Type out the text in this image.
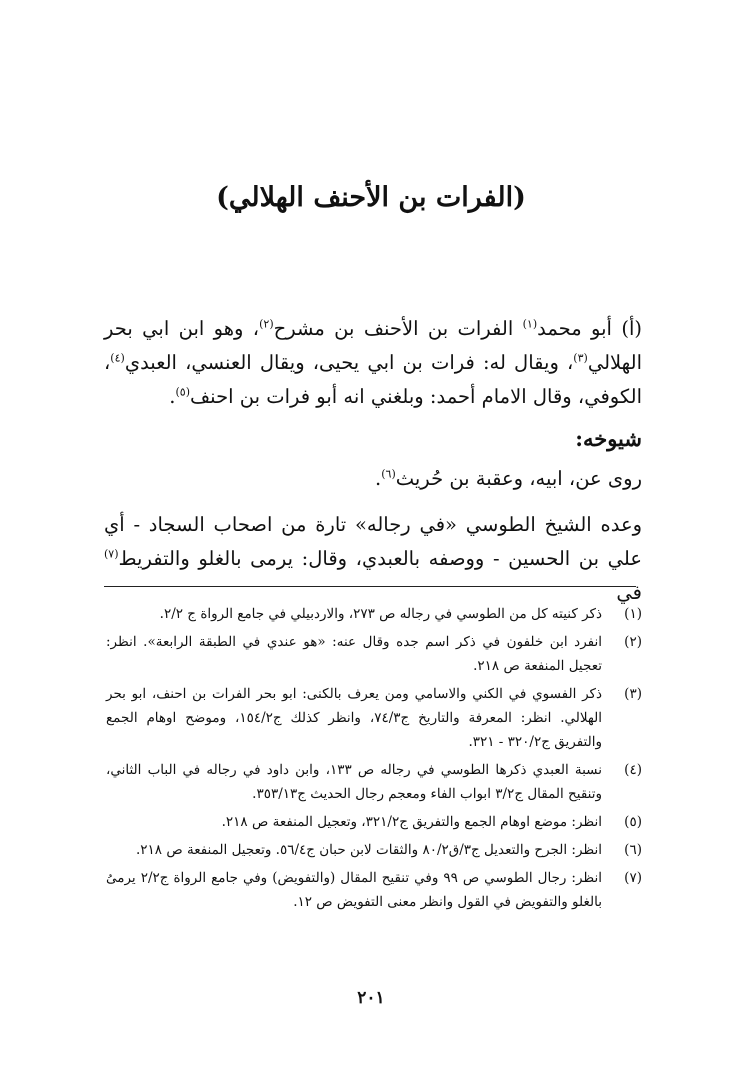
(الفرات بن الأحنف الهلالي)
(أ) أبو محمد$^{(١)}$ الفرات بن الأحنف بن مشرح$^{(٢)}$، وهو ابن ابي بحر الهلالي$^{(٣)}$، ويقال له: فرات بن ابي يحيى، ويقال العنسي، العبدي$^{(٤)}$، الكوفي، وقال الامام أحمد: وبلغني انه أبو فرات بن احنف$^{(٥)}$.
شيوخه:
روى عن، ابيه، وعقبة بن حُريث$^{(٦)}$.
وعده الشيخ الطوسي «في رجاله» تارة من اصحاب السجاد - أي علي بن الحسين - ووصفه بالعبدي، وقال: يرمى بالغلو والتفريط$^{(٧)}$ في
(١)
ذكر كنيته كل من الطوسي في رجاله ص ٢٧٣، والاردبيلي في جامع الرواة ج ٢/٢.
(٢)
انفرد ابن خلفون في ذكر اسم جده وقال عنه: «هو عندي في الطبقة الرابعة». انظر: تعجيل المنفعة ص ٢١٨.
(٣)
ذكر الفسوي في الكني والاسامي ومن يعرف بالكنى: ابو بحر الفرات بن احنف، ابو بحر الهلالي. انظر: المعرفة والتاريخ ج٧٤/٣، وانظر كذلك ج١٥٤/٢، وموضح اوهام الجمع والتفريق ج٣٢٠/٢ - ٣٢١.
(٤)
نسبة العبدي ذكرها الطوسي في رجاله ص ١٣٣، وابن داود في رجاله في الباب الثاني، وتنقيح المقال ج٣/٢ ابواب الفاء ومعجم رجال الحديث ج٣٥٣/١٣.
(٥)
انظر: موضع اوهام الجمع والتفريق ج٣٢١/٢، وتعجيل المنفعة ص ٢١٨.
(٦)
انظر: الجرح والتعديل ج٣/ق٨٠/٢ والثقات لابن حبان ج٥٦/٤. وتعجيل المنفعة ص ٢١٨.
(٧)
انظر: رجال الطوسي ص ٩٩ وفي تنقيح المقال (والتفويض) وفي جامع الرواة ج٢/٢ يرمىُ بالغلو والتفويض في القول وانظر معنى التفويض ص ١٢.
٢٠١
